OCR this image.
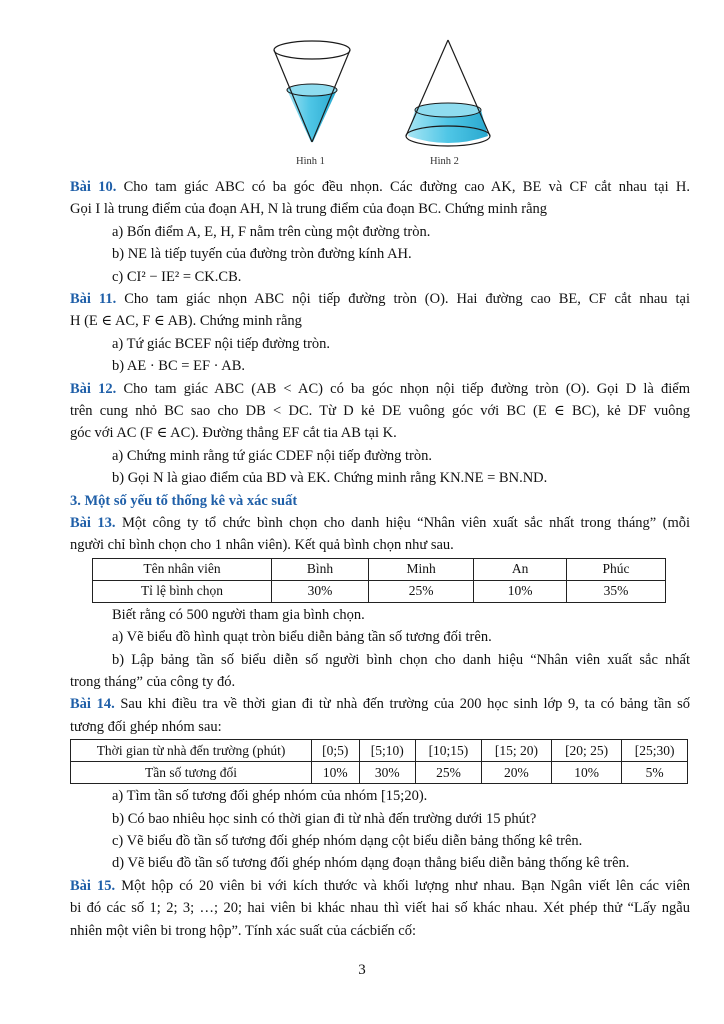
Hình 1	Hình 2
Bài 10. Cho tam giác ABC có ba góc đều nhọn. Các đường cao AK, BE và CF cắt nhau tại H.
Gọi I là trung điểm của đoạn AH, N là trung điểm của đoạn BC. Chứng minh rằng
a) Bốn điểm A, E, H, F nằm trên cùng một đường tròn.
b) NE là tiếp tuyến của đường tròn đường kính AH.
c) CI² − IE² = CK.CB.
Bài 11. Cho tam giác nhọn ABC nội tiếp đường tròn (O). Hai đường cao BE, CF cắt nhau tại
H (E ∈ AC, F ∈ AB). Chứng minh rằng
a) Tứ giác BCEF nội tiếp đường tròn.
b) AE · BC = EF · AB.
Bài 12. Cho tam giác ABC (AB < AC) có ba góc nhọn nội tiếp đường tròn (O). Gọi D là điểm
trên cung nhỏ BC sao cho DB < DC. Từ D kẻ DE vuông góc với BC (E ∈ BC), kẻ DF vuông
góc với AC (F ∈ AC). Đường thẳng EF cắt tia AB tại K.
a) Chứng minh rằng tứ giác CDEF nội tiếp đường tròn.
b) Gọi N là giao điểm của BD và EK. Chứng minh rằng KN.NE = BN.ND.
3. Một số yếu tố thống kê và xác suất
Bài 13. Một công ty tổ chức bình chọn cho danh hiệu “Nhân viên xuất sắc nhất trong tháng” (mỗi
người chỉ bình chọn cho 1 nhân viên). Kết quả bình chọn như sau.
Tên nhân viên	Bình	Minh	An	Phúc
Tỉ lệ bình chọn	30%	25%	10%	35%
Biết rằng có 500 người tham gia bình chọn.
a) Vẽ biểu đồ hình quạt tròn biểu diễn bảng tần số tương đối trên.
b) Lập bảng tần số biểu diễn số người bình chọn cho danh hiệu “Nhân viên xuất sắc nhất
trong tháng” của công ty đó.
Bài 14. Sau khi điều tra về thời gian đi từ nhà đến trường của 200 học sinh lớp 9, ta có bảng tần số
tương đối ghép nhóm sau:
Thời gian từ nhà đến trường (phút)	[0;5)	[5;10)	[10;15)	[15; 20)	[20; 25)	[25;30)
Tần số tương đối	10%	30%	25%	20%	10%	5%
a) Tìm tần số tương đối ghép nhóm của nhóm [15;20).
b) Có bao nhiêu học sinh có thời gian đi từ nhà đến trường dưới 15 phút?
c) Vẽ biểu đồ tần số tương đối ghép nhóm dạng cột biểu diễn bảng thống kê trên.
d) Vẽ biểu đồ tần số tương đối ghép nhóm dạng đoạn thẳng biểu diễn bảng thống kê trên.
Bài 15. Một hộp có 20 viên bi với kích thước và khối lượng như nhau. Bạn Ngân viết lên các viên
bi đó các số 1; 2; 3; …; 20; hai viên bi khác nhau thì viết hai số khác nhau. Xét phép thử “Lấy ngẫu
nhiên một viên bi trong hộp”. Tính xác suất của cácbiến cố:
3
